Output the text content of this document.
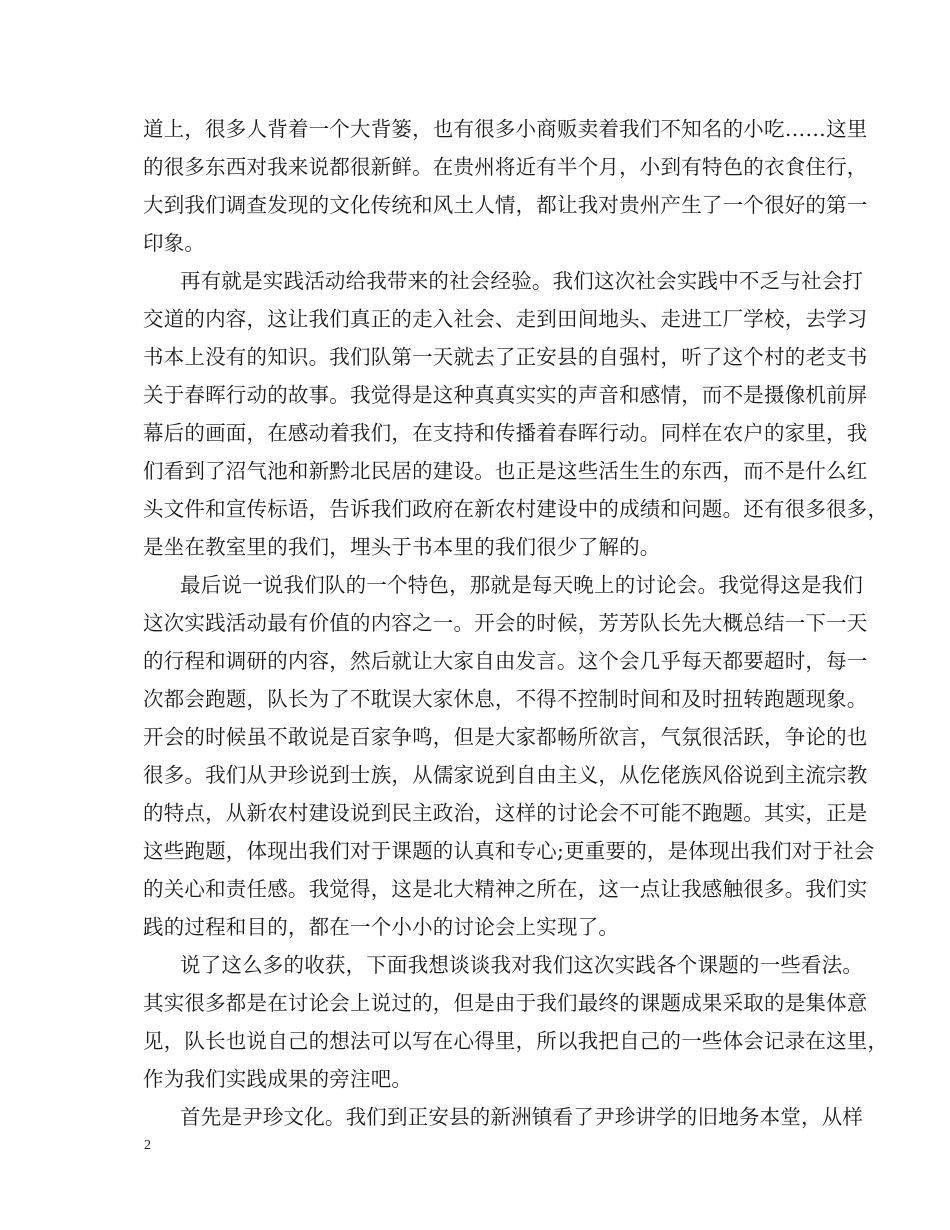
道上，很多人背着一个大背篓，也有很多小商贩卖着我们不知名的小吃……这里
的很多东西对我来说都很新鲜。在贵州将近有半个月，小到有特色的衣食住行，
大到我们调查发现的文化传统和风土人情，都让我对贵州产生了一个很好的第一
印象。
再有就是实践活动给我带来的社会经验。我们这次社会实践中不乏与社会打
交道的内容，这让我们真正的走入社会、走到田间地头、走进工厂学校，去学习
书本上没有的知识。我们队第一天就去了正安县的自强村，听了这个村的老支书
关于春晖行动的故事。我觉得是这种真真实实的声音和感情，而不是摄像机前屏
幕后的画面，在感动着我们，在支持和传播着春晖行动。同样在农户的家里，我
们看到了沼气池和新黔北民居的建设。也正是这些活生生的东西，而不是什么红
头文件和宣传标语，告诉我们政府在新农村建设中的成绩和问题。还有很多很多，
是坐在教室里的我们，埋头于书本里的我们很少了解的。
最后说一说我们队的一个特色，那就是每天晚上的讨论会。我觉得这是我们
这次实践活动最有价值的内容之一。开会的时候，芳芳队长先大概总结一下一天
的行程和调研的内容，然后就让大家自由发言。这个会几乎每天都要超时，每一
次都会跑题，队长为了不耽误大家休息，不得不控制时间和及时扭转跑题现象。
开会的时候虽不敢说是百家争鸣，但是大家都畅所欲言，气氛很活跃，争论的也
很多。我们从尹珍说到士族，从儒家说到自由主义，从仡佬族风俗说到主流宗教
的特点，从新农村建设说到民主政治，这样的讨论会不可能不跑题。其实，正是
这些跑题，体现出我们对于课题的认真和专心;更重要的，是体现出我们对于社会
的关心和责任感。我觉得，这是北大精神之所在，这一点让我感触很多。我们实
践的过程和目的，都在一个小小的讨论会上实现了。
说了这么多的收获，下面我想谈谈我对我们这次实践各个课题的一些看法。
其实很多都是在讨论会上说过的，但是由于我们最终的课题成果采取的是集体意
见，队长也说自己的想法可以写在心得里，所以我把自己的一些体会记录在这里，
作为我们实践成果的旁注吧。
首先是尹珍文化。我们到正安县的新洲镇看了尹珍讲学的旧地务本堂，从样
2
